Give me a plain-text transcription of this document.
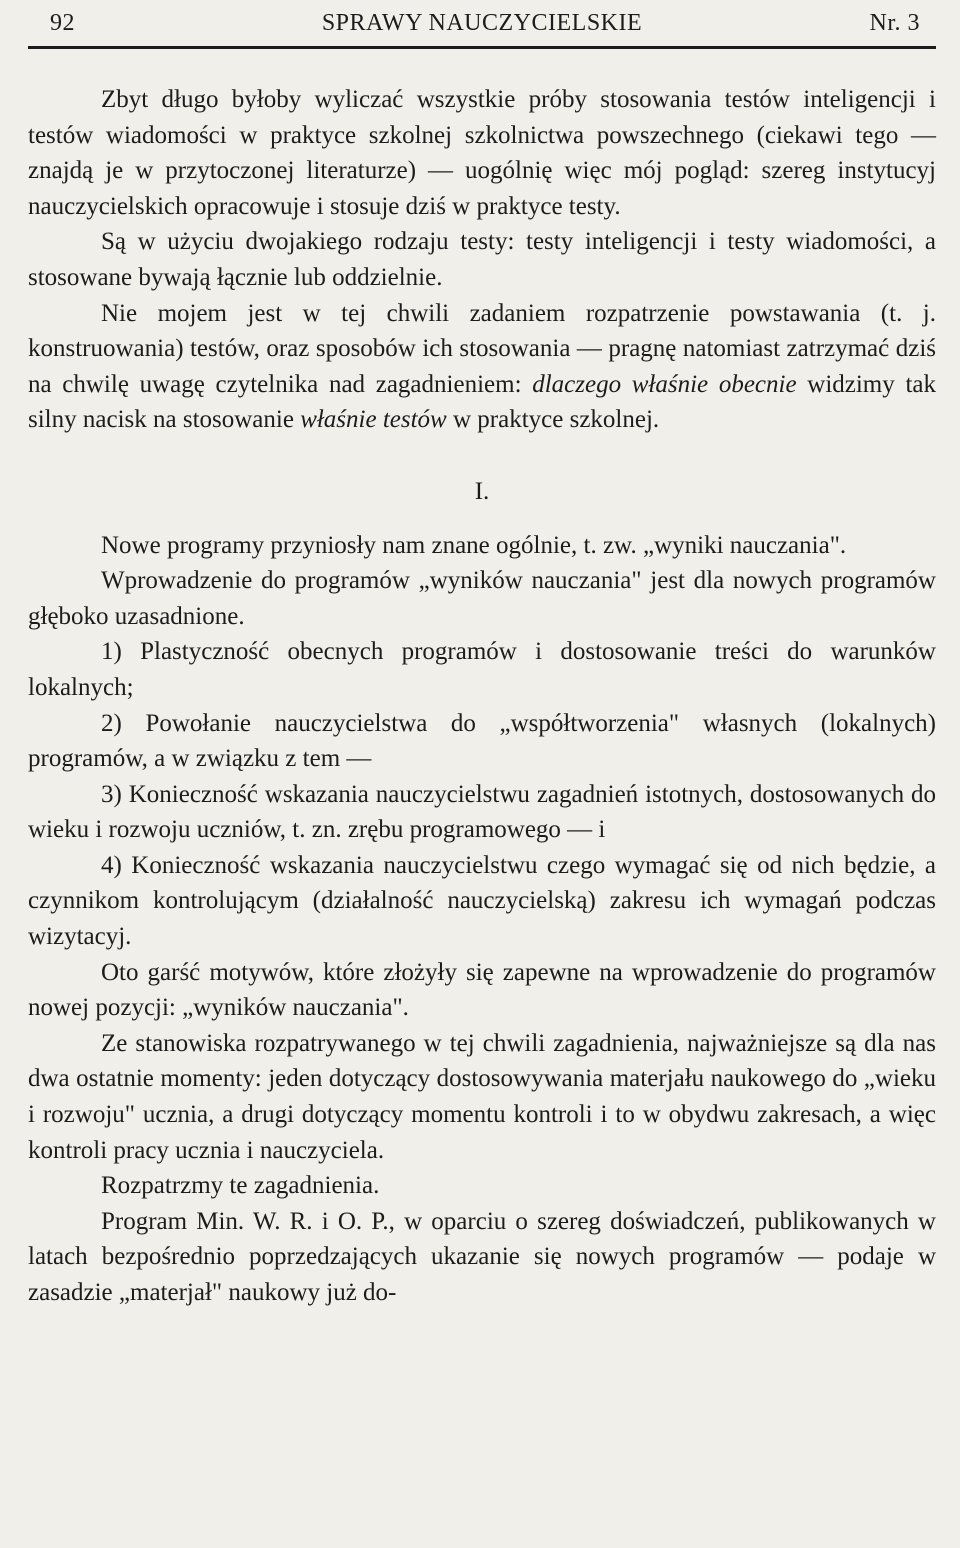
92	SPRAWY NAUCZYCIELSKIE	Nr. 3

Zbyt długo byłoby wyliczać wszystkie próby stosowania testów inteligencji i testów wiadomości w praktyce szkolnej szkolnictwa powszechnego (ciekawi tego — znajdą je w przytoczonej literaturze) — uogólnię więc mój pogląd: szereg instytucyj nauczycielskich opracowuje i stosuje dziś w praktyce testy.

Są w użyciu dwojakiego rodzaju testy: testy inteligencji i testy wiadomości, a stosowane bywają łącznie lub oddzielnie.

Nie mojem jest w tej chwili zadaniem rozpatrzenie powstawania (t. j. konstruowania) testów, oraz sposobów ich stosowania — pragnę natomiast zatrzymać dziś na chwilę uwagę czytelnika nad zagadnieniem: dlaczego właśnie obecnie widzimy tak silny nacisk na stosowanie właśnie testów w praktyce szkolnej.

I.

Nowe programy przyniosły nam znane ogólnie, t. zw. „wyniki nauczania".

Wprowadzenie do programów „wyników nauczania" jest dla nowych programów głęboko uzasadnione.

1) Plastyczność obecnych programów i dostosowanie treści do warunków lokalnych;

2) Powołanie nauczycielstwa do „współtworzenia" własnych (lokalnych) programów, a w związku z tem —

3) Konieczność wskazania nauczycielstwu zagadnień istotnych, dostosowanych do wieku i rozwoju uczniów, t. zn. zrębu programowego — i

4) Konieczność wskazania nauczycielstwu czego wymagać się od nich będzie, a czynnikom kontrolującym (działalność nauczycielską) zakresu ich wymagań podczas wizytacyj.

Oto garść motywów, które złożyły się zapewne na wprowadzenie do programów nowej pozycji: „wyników nauczania".

Ze stanowiska rozpatrywanego w tej chwili zagadnienia, najważniejsze są dla nas dwa ostatnie momenty: jeden dotyczący dostosowywania materjału naukowego do „wieku i rozwoju" ucznia, a drugi dotyczący momentu kontroli i to w obydwu zakresach, a więc kontroli pracy ucznia i nauczyciela.

Rozpatrzmy te zagadnienia.

Program Min. W. R. i O. P., w oparciu o szereg doświadczeń, publikowanych w latach bezpośrednio poprzedzających ukazanie się nowych programów — podaje w zasadzie „materjał" naukowy już do-
